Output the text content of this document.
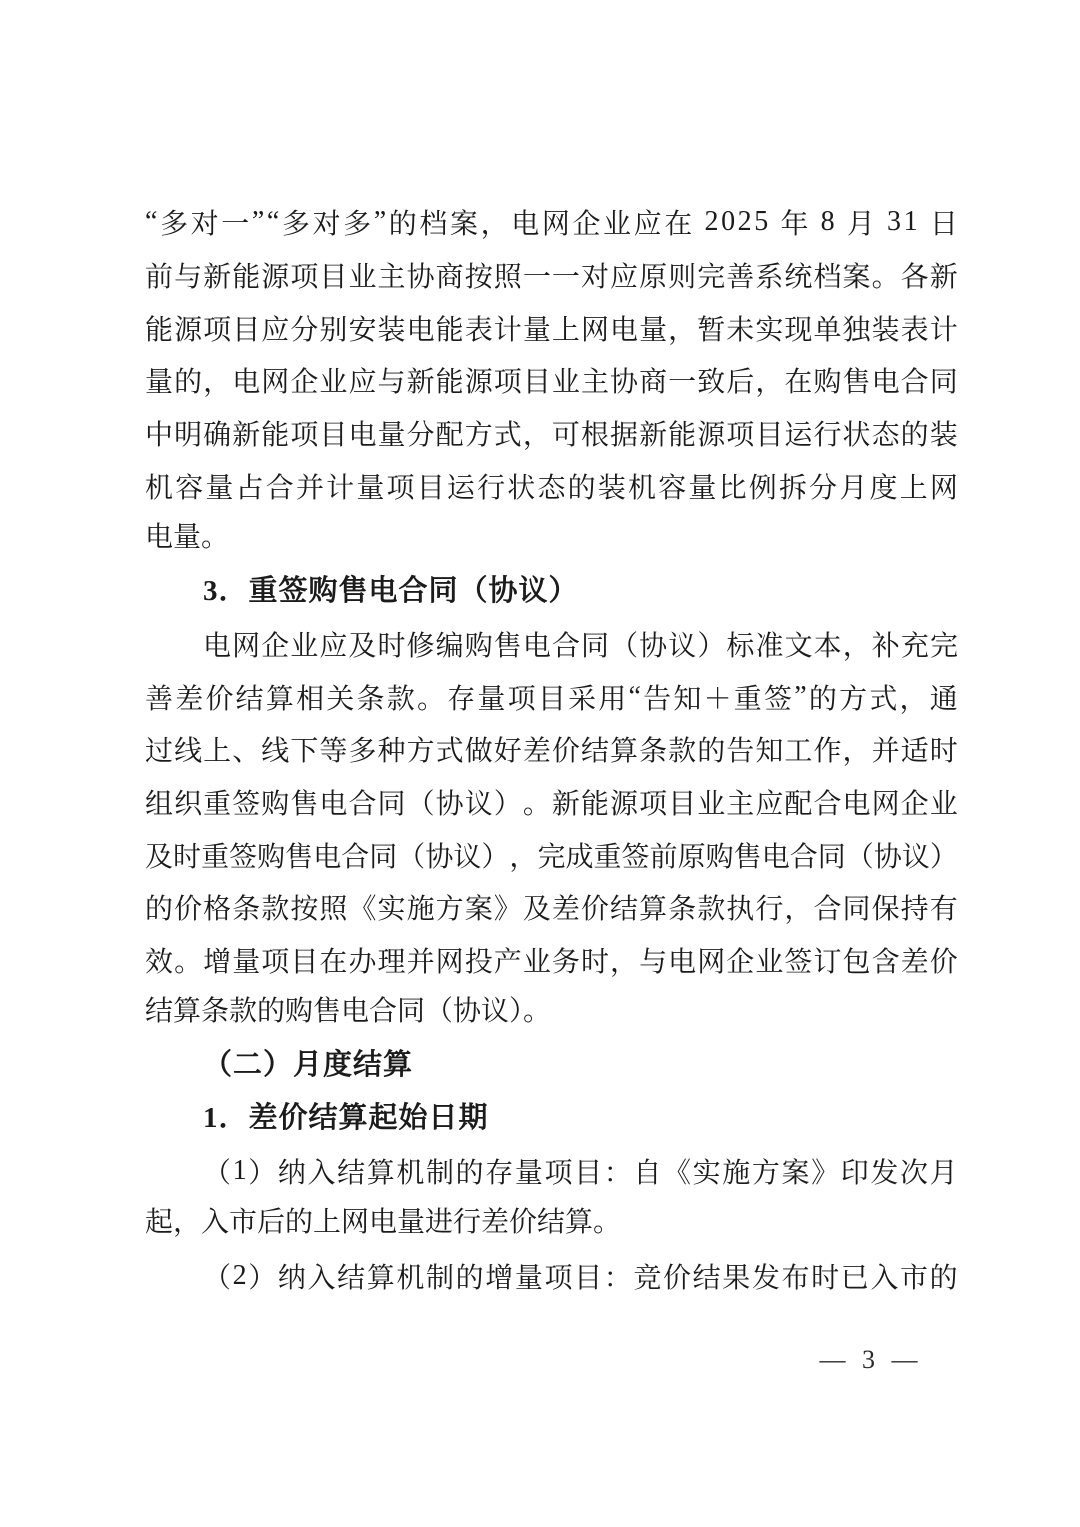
“ 多 对 一 ” “ 多 对 多 ” 的 档 案 ， 电 网 企 业 应 在
2 0 2 5
年
8
月
3 1
日
前 与 新 能 源 项 目 业 主 协 商 按 照 一 一 对 应 原 则 完 善 系 统 档 案 。 各 新
能 源 项 目 应 分 别 安 装 电 能 表 计 量 上 网 电 量 ， 暂 未 实 现 单 独 装 表 计
量 的 ， 电 网 企 业 应 与 新 能 源 项 目 业 主 协 商 一 致 后 ， 在 购 售 电 合 同
中 明 确 新 能 项 目 电 量 分 配 方 式 ， 可 根 据 新 能 源 项 目 运 行 状 态 的 装
机 容 量 占 合 并 计 量 项 目 运 行 状 态 的 装 机 容 量 比 例 拆 分 月 度 上 网
电量。
3．重签购售电合同（协议）
电 网 企 业 应 及 时 修 编 购 售 电 合 同 （ 协 议 ） 标 准 文 本 ， 补 充 完
善 差 价 结 算 相 关 条 款 。 存 量 项 目 采 用 “ 告 知 ＋ 重 签 ” 的 方 式 ， 通
过 线 上 、 线 下 等 多 种 方 式 做 好 差 价 结 算 条 款 的 告 知 工 作 ， 并 适 时
组 织 重 签 购 售 电 合 同 （ 协 议 ） 。 新 能 源 项 目 业 主 应 配 合 电 网 企 业
及 时 重 签 购 售 电 合 同 （ 协 议 ） ， 完 成 重 签 前 原 购 售 电 合 同 （ 协 议 ）
的 价 格 条 款 按 照 《 实 施 方 案 》 及 差 价 结 算 条 款 执 行 ， 合 同 保 持 有
效 。 增 量 项 目 在 办 理 并 网 投 产 业 务 时 ， 与 电 网 企 业 签 订 包 含 差 价
结算条款的购售电合同（协议）。
（二）月度结算
1．差价结算起始日期
（ 1 ） 纳 入 结 算 机 制 的 存 量 项 目 ： 自 《 实 施 方 案 》 印 发 次 月
起，入市后的上网电量进行差价结算。
（ 2 ） 纳 入 结 算 机 制 的 增 量 项 目 ： 竞 价 结 果 发 布 时 已 入 市 的
— 3 —
